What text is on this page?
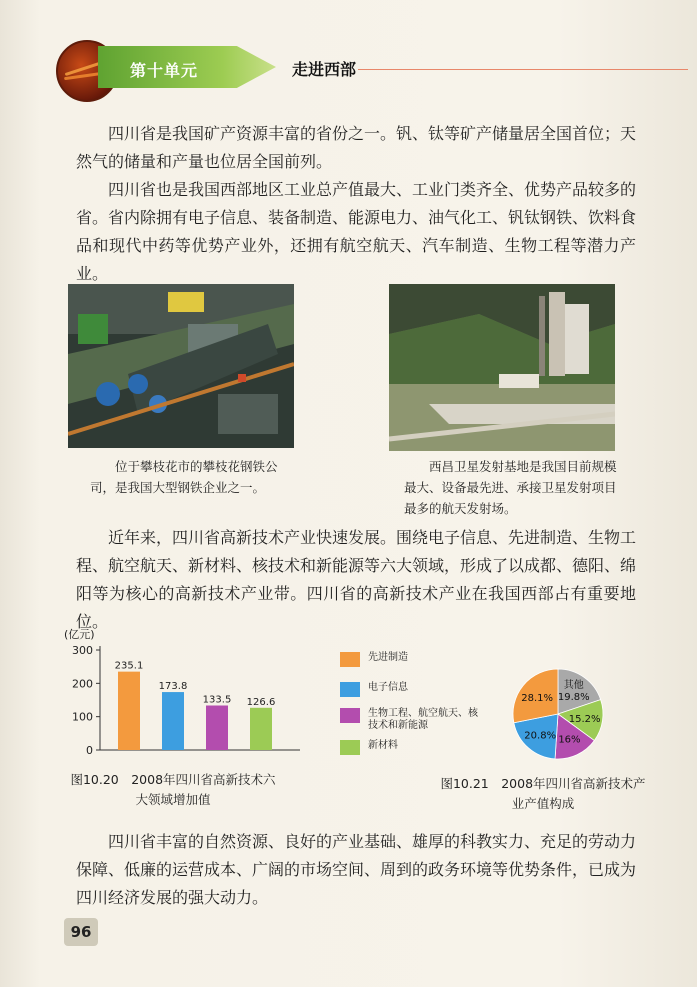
第十单元	走进西部

四川省是我国矿产资源丰富的省份之一。钒、钛等矿产储量居全国首位；天然气的储量和产量也位居全国前列。

四川省也是我国西部地区工业总产值最大、工业门类齐全、优势产品较多的省。省内除拥有电子信息、装备制造、能源电力、油气化工、钒钛钢铁、饮料食品和现代中药等优势产业外，还拥有航空航天、汽车制造、生物工程等潜力产业。

位于攀枝花市的攀枝花钢铁公司，是我国大型钢铁企业之一。

西昌卫星发射基地是我国目前规模最大、设备最先进、承接卫星发射项目最多的航天发射场。

近年来，四川省高新技术产业快速发展。围绕电子信息、先进制造、生物工程、航空航天、新材料、核技术和新能源等六大领域，形成了以成都、德阳、绵阳等为核心的高新技术产业带。四川省的高新技术产业在我国西部占有重要地位。

(亿元)
0
100
200
300
235.1
173.8
133.5 126.6
先进制造
电子信息
生物工程、航空航天、核技术和新能源
新材料
其他
19.8%
15.2%
16%
20.8%
28.1%
图10.20　2008年四川省高新技术六大领域增加值
图10.21　2008年四川省高新技术产业产值构成

四川省丰富的自然资源、良好的产业基础、雄厚的科教实力、充足的劳动力保障、低廉的运营成本、广阔的市场空间、周到的政务环境等优势条件，已成为四川经济发展的强大动力。

96
